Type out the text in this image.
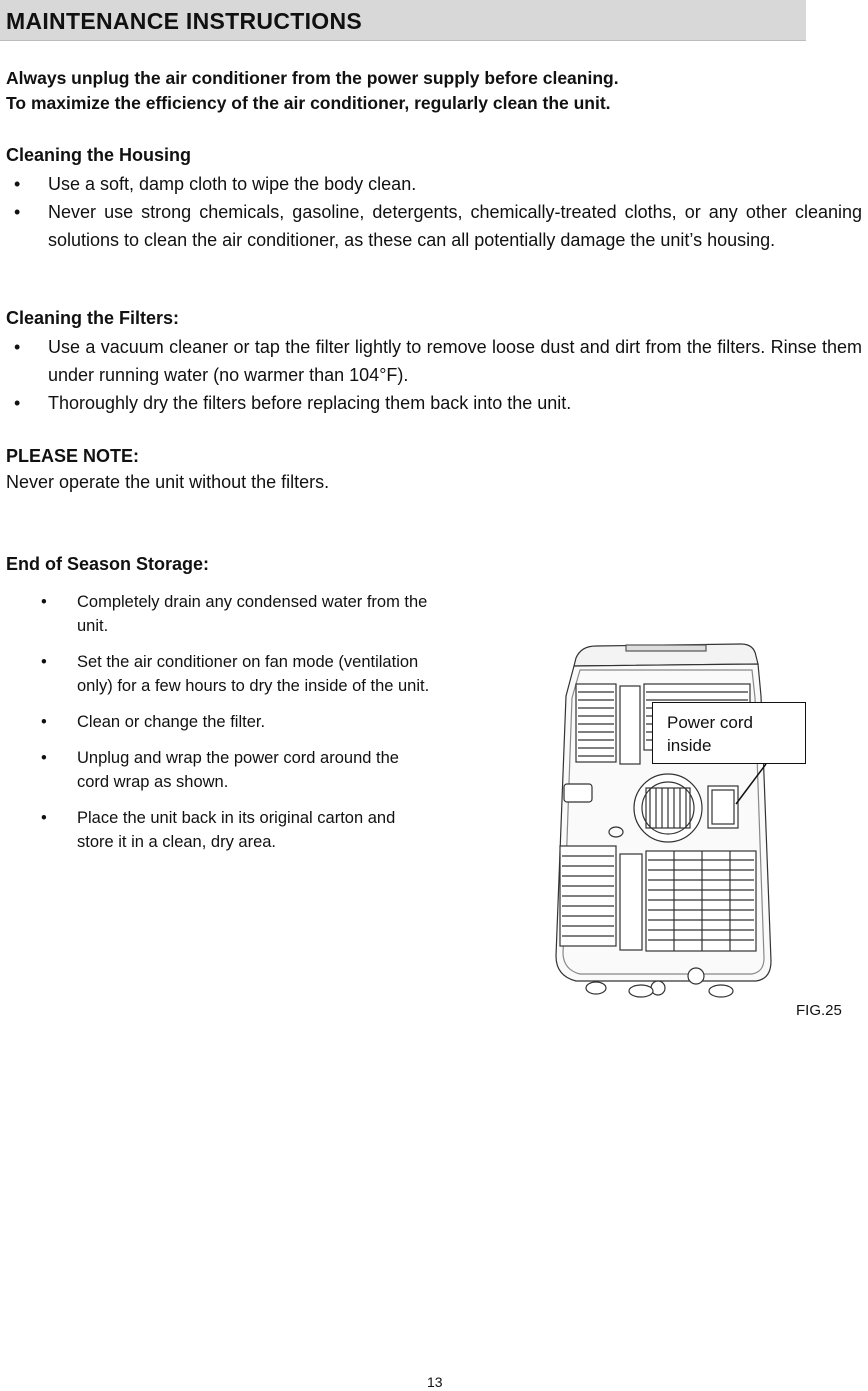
MAINTENANCE INSTRUCTIONS
Always unplug the air conditioner from the power supply before cleaning.
To maximize the efficiency of the air conditioner, regularly clean the unit.
Cleaning the Housing
• Use a soft, damp cloth to wipe the body clean.
• Never use strong chemicals, gasoline, detergents, chemically-treated cloths, or any other cleaning solutions to clean the air conditioner, as these can all potentially damage the unit’s housing.
Cleaning the Filters:
• Use a vacuum cleaner or tap the filter lightly to remove loose dust and dirt from the filters. Rinse them under running water (no warmer than 104°F).
• Thoroughly dry the filters before replacing them back into the unit.
PLEASE NOTE:
Never operate the unit without the filters.
End of Season Storage:
• Completely drain any condensed water from the unit.
• Set the air conditioner on fan mode (ventilation only) for a few hours to dry the inside of the unit.
• Clean or change the filter.
• Unplug and wrap the power cord around the cord wrap as shown.
• Place the unit back in its original carton and store it in a clean, dry area.
Power cord
inside
FIG.25
13
